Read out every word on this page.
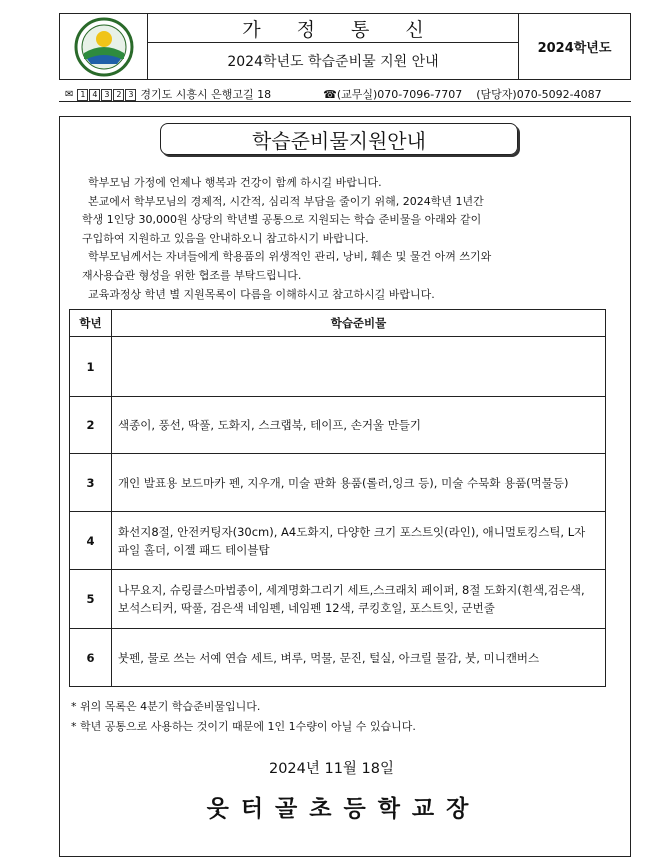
가 정 통 신
2024학년도 학습준비물 지원 안내
2024학년도
✉ 1 4 3 2 3 경기도 시흥시 은행고길 18	☎ (교무실)070-7096-7707 (담당자)070-5092-4087
학습준비물지원안내
학부모님 가정에 언제나 행복과 건강이 함께 하시길 바랍니다.
본교에서 학부모님의 경제적, 시간적, 심리적 부담을 줄이기 위해, 2024학년 1년간
학생 1인당 30,000원 상당의 학년별 공통으로 지원되는 학습 준비물을 아래와 같이
구입하여 지원하고 있음을 안내하오니 참고하시기 바랍니다.
학부모님께서는 자녀들에게 학용품의 위생적인 관리, 낭비, 훼손 및 물건 아껴 쓰기와
재사용습관 형성을 위한 협조를 부탁드립니다.
교육과정상 학년 별 지원목록이 다름을 이해하시고 참고하시길 바랍니다.
학년	학습준비물
1	
2	색종이, 풍선, 딱풀, 도화지, 스크랩북, 테이프, 손거울 만들기
3	개인 발표용 보드마카 펜, 지우개, 미술 판화 용품(롤러,잉크 등), 미술 수묵화 용품(먹물등)
4	화선지8절, 안전커팅자(30cm), A4도화지, 다양한 크기 포스트잇(라인), 애니멀토킹스틱, L자 파일 홀더, 이젤 패드 테이블탑
5	나무요지, 슈링클스마법종이, 세계명화그리기 세트,스크래치 페이퍼, 8절 도화지(흰색,검은색, 보석스티커, 딱풀, 검은색 네임펜, 네임펜 12색, 쿠킹호일, 포스트잇, 군번줄
6	붓펜, 물로 쓰는 서예 연습 세트, 벼루, 먹물, 문진, 털실, 아크릴 물감, 붓, 미니캔버스
* 위의 목록은 4분기 학습준비물입니다.
* 학년 공통으로 사용하는 것이기 때문에 1인 1수량이 아닐 수 있습니다.
2024년 11월 18일
웃터골초등학교장
